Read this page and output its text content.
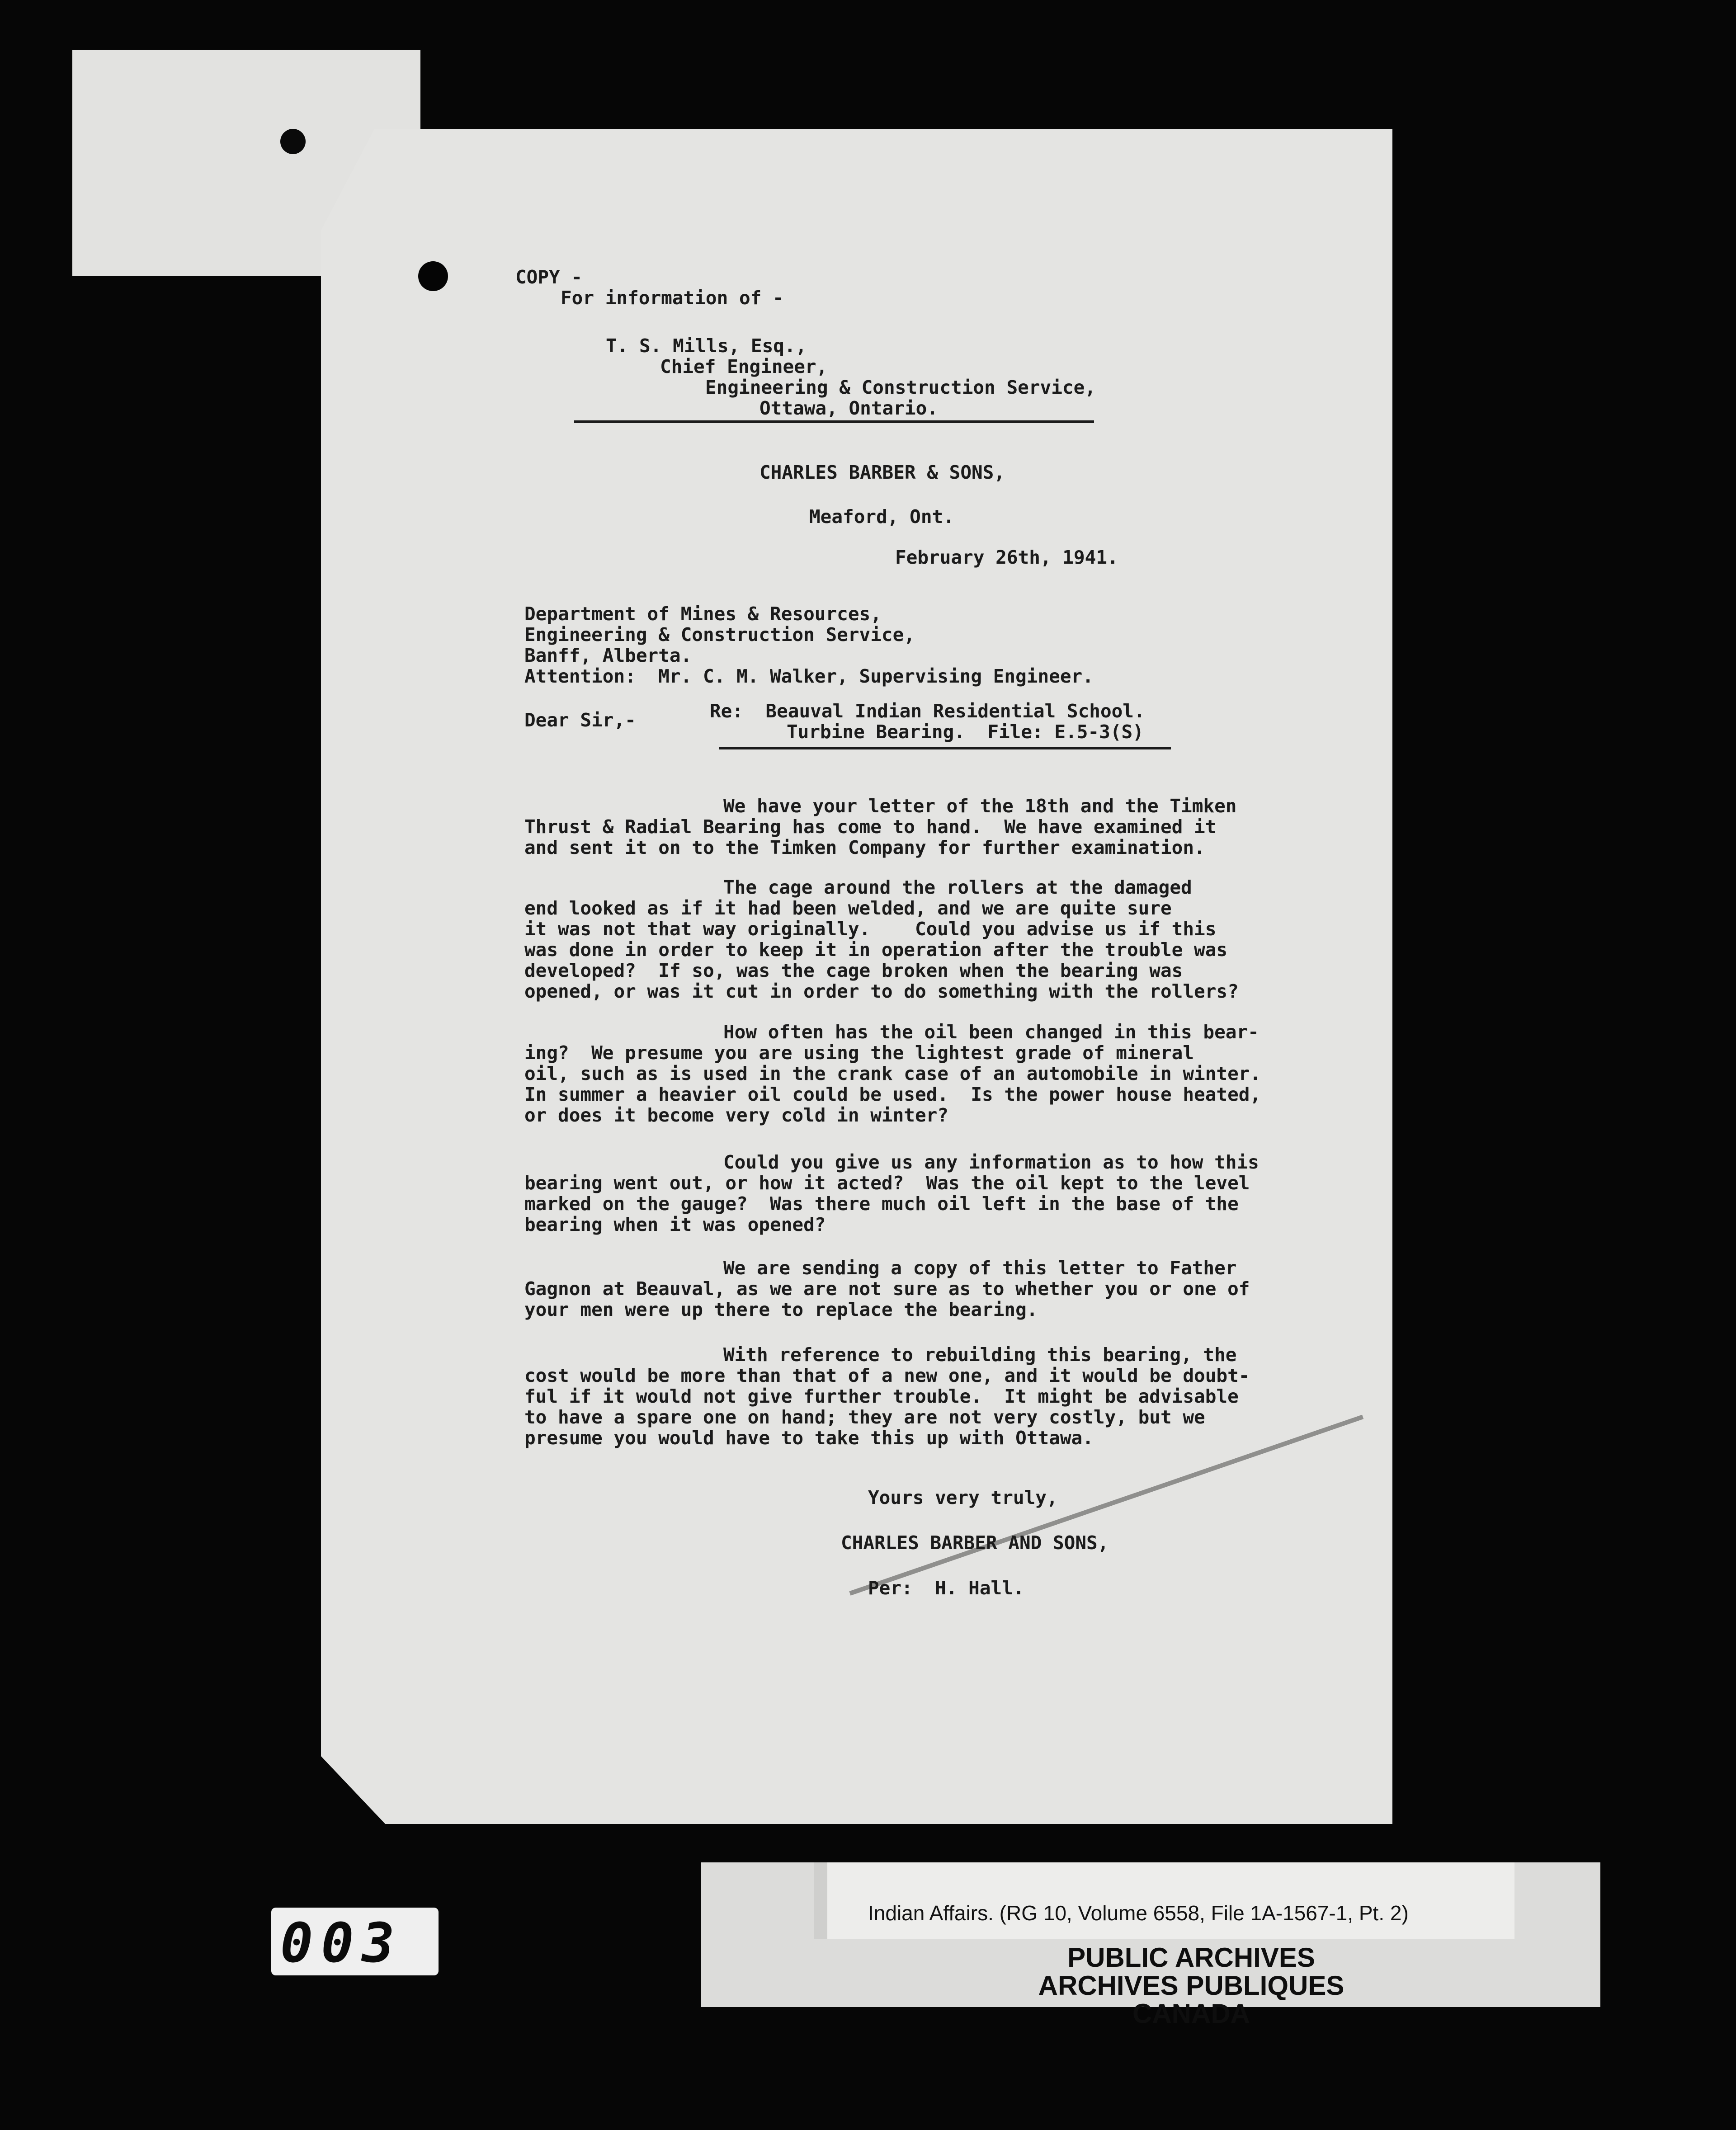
COPY -
For information of -
T. S. Mills, Esq.,
Chief Engineer,
Engineering & Construction Service,
Ottawa, Ontario.
CHARLES BARBER & SONS,
Meaford, Ont.
February 26th, 1941.
Department of Mines & Resources,
Engineering & Construction Service,
Banff, Alberta.
Attention:  Mr. C. M. Walker, Supervising Engineer.
Dear Sir,-	Re:  Beauval Indian Residential School.
Turbine Bearing.  File: E.5-3(S)
We have your letter of the 18th and the Timken
Thrust & Radial Bearing has come to hand.  We have examined it
and sent it on to the Timken Company for further examination.
The cage around the rollers at the damaged
end looked as if it had been welded, and we are quite sure
it was not that way originally.    Could you advise us if this
was done in order to keep it in operation after the trouble was
developed?  If so, was the cage broken when the bearing was
opened, or was it cut in order to do something with the rollers?
How often has the oil been changed in this bear-
ing?  We presume you are using the lightest grade of mineral
oil, such as is used in the crank case of an automobile in winter.
In summer a heavier oil could be used.  Is the power house heated,
or does it become very cold in winter?
Could you give us any information as to how this
bearing went out, or how it acted?  Was the oil kept to the level
marked on the gauge?  Was there much oil left in the base of the
bearing when it was opened?
We are sending a copy of this letter to Father
Gagnon at Beauval, as we are not sure as to whether you or one of
your men were up there to replace the bearing.
With reference to rebuilding this bearing, the
cost would be more than that of a new one, and it would be doubt-
ful if it would not give further trouble.  It might be advisable
to have a spare one on hand; they are not very costly, but we
presume you would have to take this up with Ottawa.
Yours very truly,
CHARLES BARBER AND SONS,
Per:  H. Hall.
003	Indian Affairs. (RG 10, Volume 6558, File 1A-1567-1, Pt. 2)
PUBLIC ARCHIVES
ARCHIVES PUBLIQUES
CANADA
